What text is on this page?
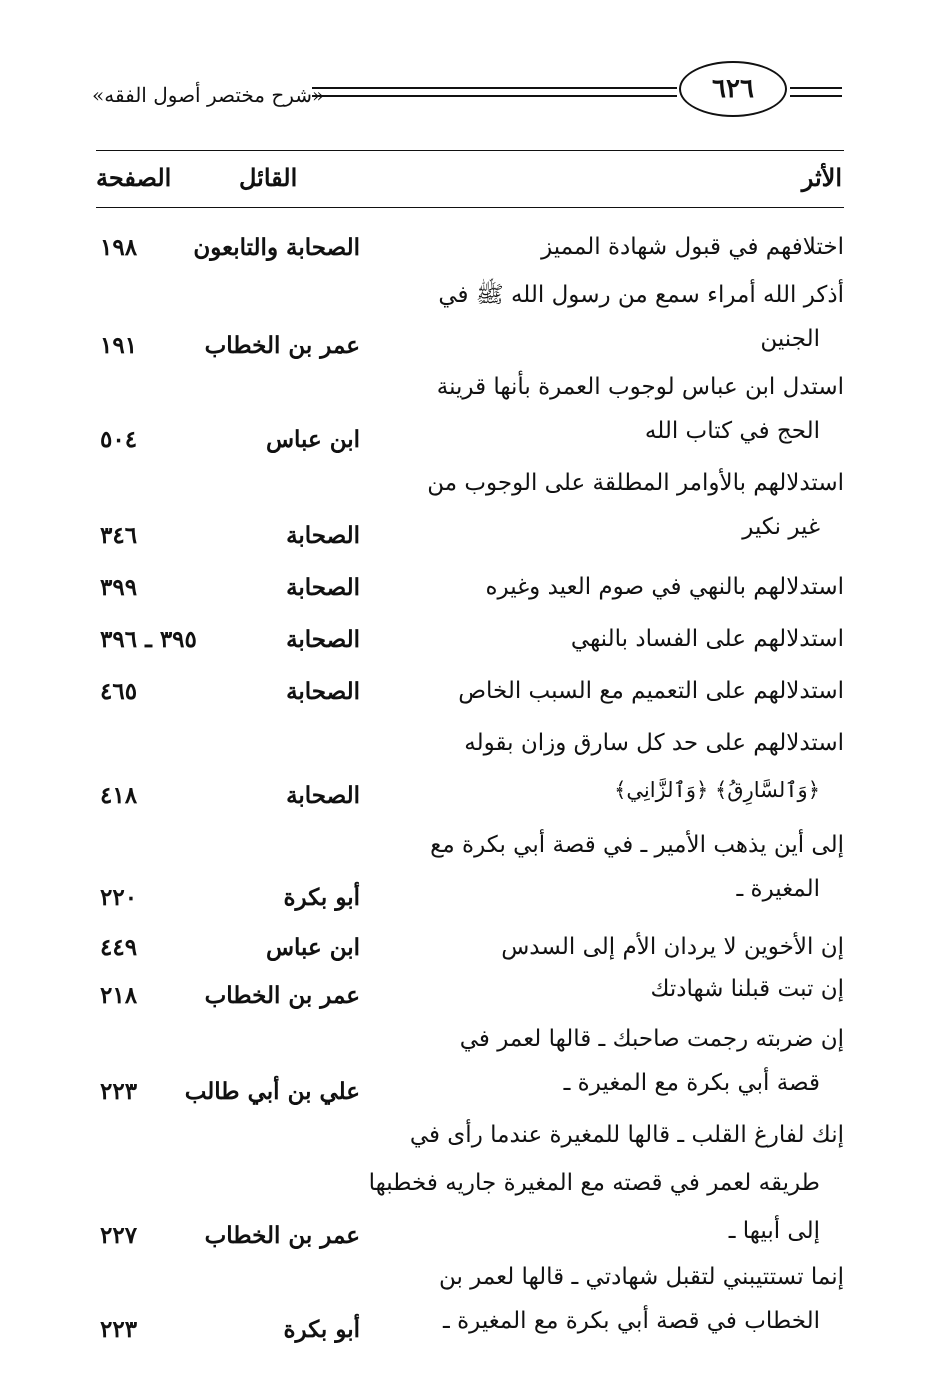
«شرح مختصر أصول الفقه»	٦٢٦
الأثر
القائل
الصفحة
اختلافهم في قبول شهادة المميز
الصحابة والتابعون
١٩٨
أذكر الله أمراء سمع من رسول الله ﷺ في
الجنين
عمر بن الخطاب
١٩١
استدل ابن عباس لوجوب العمرة بأنها قرينة
الحج في كتاب الله
ابن عباس
٥٠٤
استدلالهم بالأوامر المطلقة على الوجوب من
غير نكير
الصحابة
٣٤٦
استدلالهم بالنهي في صوم العيد وغيره
الصحابة
٣٩٩
استدلالهم على الفساد بالنهي
الصحابة
٣٩٥ ـ ٣٩٦
استدلالهم على التعميم مع السبب الخاص
الصحابة
٤٦٥
استدلالهم على حد كل سارق وزان بقوله
﴿وَٱلسَّارِقُ﴾ ﴿وَٱلزَّانِي﴾
الصحابة
٤١٨
إلى أين يذهب الأمير ـ في قصة أبي بكرة مع
المغيرة ـ
أبو بكرة
٢٢٠
إن الأخوين لا يردان الأم إلى السدس
ابن عباس
٤٤٩
إن تبت قبلنا شهادتك
عمر بن الخطاب
٢١٨
إن ضربته رجمت صاحبك ـ قالها لعمر في
قصة أبي بكرة مع المغيرة ـ
علي بن أبي طالب
٢٢٣
إنك لفارغ القلب ـ قالها للمغيرة عندما رأى في
طريقه لعمر في قصته مع المغيرة جاريه فخطبها
إلى أبيها ـ
عمر بن الخطاب
٢٢٧
إنما تستتيبني لتقبل شهادتي ـ قالها لعمر بن
الخطاب في قصة أبي بكرة مع المغيرة ـ
أبو بكرة
٢٢٣
